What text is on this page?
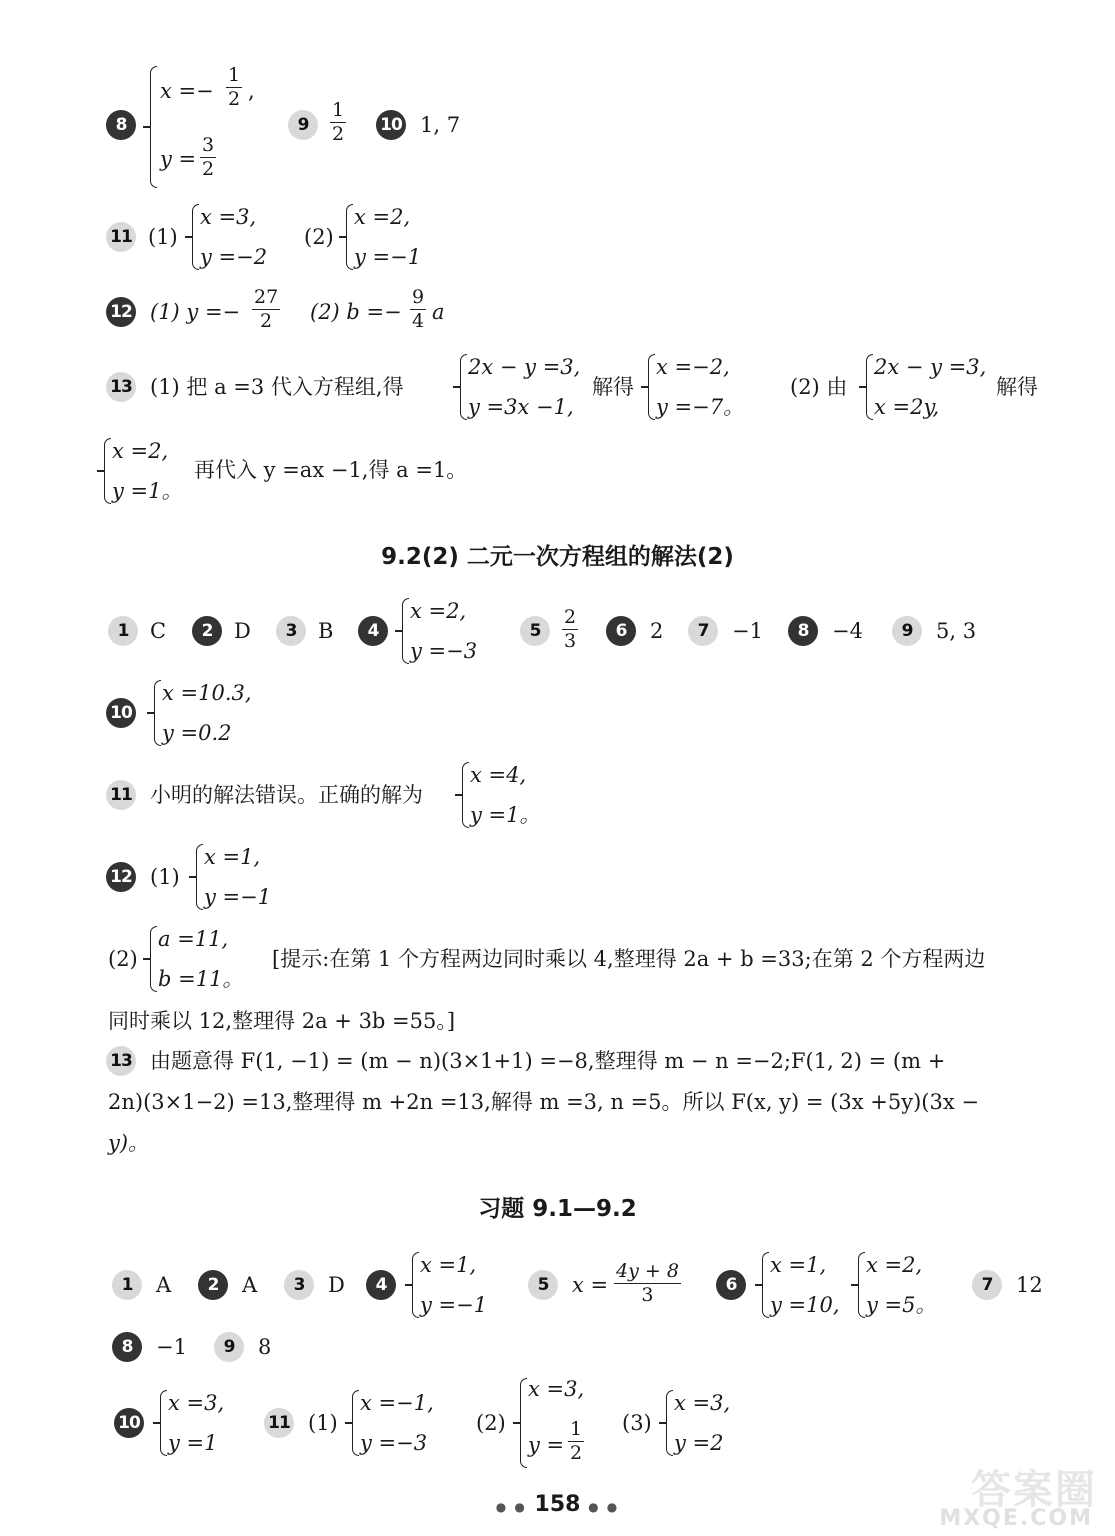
8
$x =- \frac{1}{2}$ ,
$y = \frac{3}{2}$
9	$\frac{1}{2} 10$ 1, 7
11 (1)
x =3,
y =−2
(2)
x =2,
y =−1
12 (1) $y =- \frac{27}{2} (2) b =- \frac{9}{4}$ a
13 (1) 把 a =3 代入方程组,得
2x − y =3,
y =3x −1,
解得
x =−2,
y =−7。
(2) 由
2x − y =3,
x =2y,
解得
x =2,
y =1。
再代入 y =ax −1,得 a =1。
9.2(2) 二元一次方程组的解法(2)
1	C	2	D	3	B	4
x =2,
y =−3
5	$\frac{2}{3}$	6	2	7	−1	8	−4	9	5, 3
10
x =10.3,
y =0.2
11 小明的解法错误。正确的解为
x =4,
y =1。
12 (1)
x =1,
y =−1
(2)
a =11,
b =11。
[提示:在第 1 个方程两边同时乘以 4,整理得 2a + b =33;在第 2 个方程两边
同时乘以 12,整理得 2a + 3b =55。]
13 由题意得 F(1, −1) = (m − n)(3×1+1) =−8,整理得 m − n =−2;F(1, 2) = (m +
2n)(3×1−2) =13,整理得 m +2n =13,解得 m =3, n =5。所以 F(x, y) = (3x +5y)(3x −
y)。
习题 9.1—9.2
1	A	2	A	3	D	4
x =1,
y =−1
5	$x = \frac{4y + 8}{3}$	6
x =1,
y =10,
x =2,
y =5。
7	12
8	−1	9	8
10
x =3,
y =1
11 (1)
x =−1,
y =−3
(2)
x =3,
$y = \frac{1}{2} (3)$
x =3,
y =2
● ● 158 ● ●	答案圈
MXQE.COM
